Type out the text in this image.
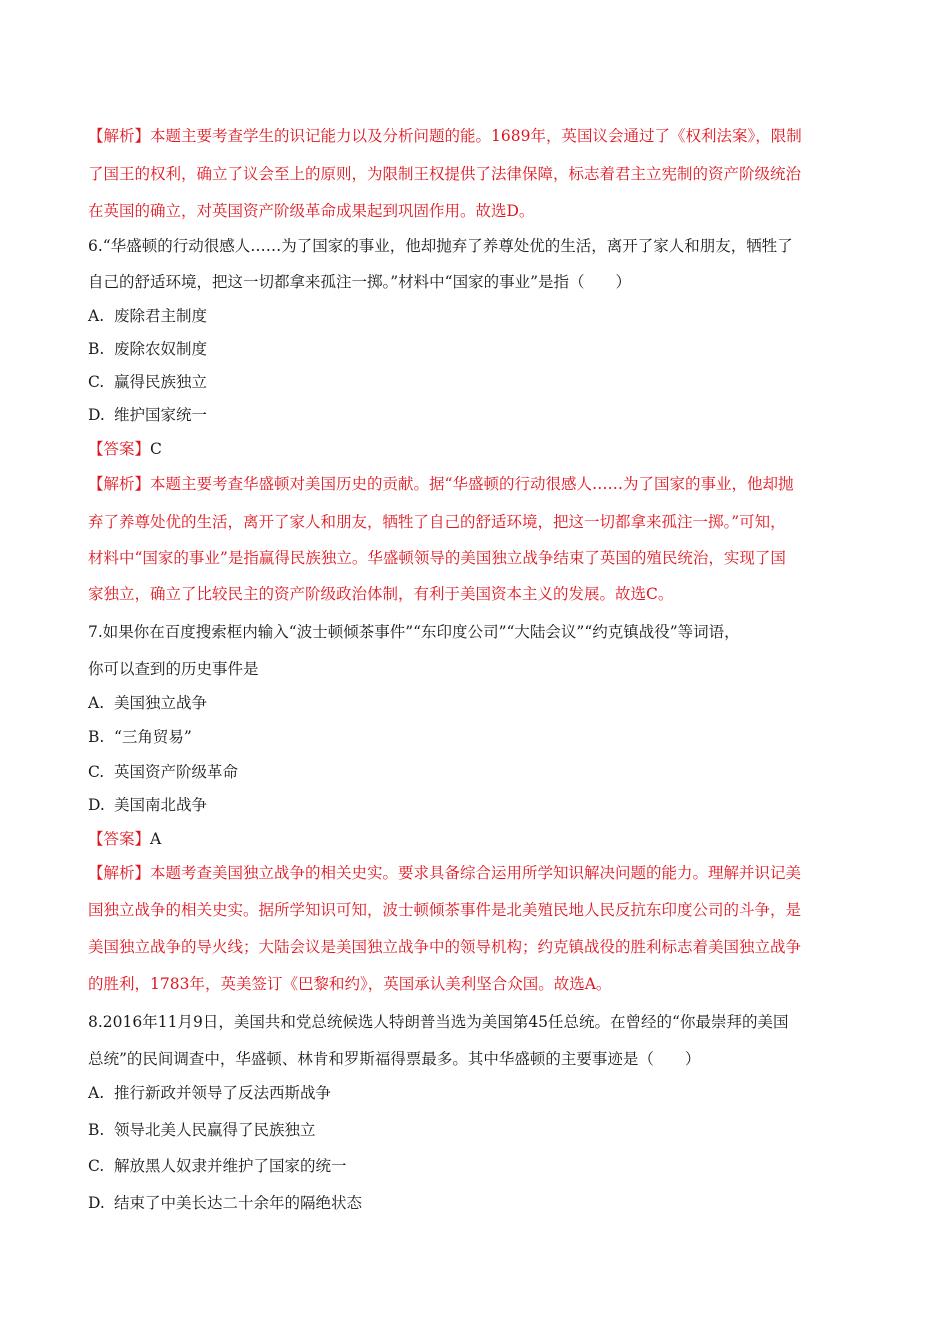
【解析】本题主要考查学生的识记能力以及分析问题的能。1689年，英国议会通过了《权利法案》，限制
了国王的权利，确立了议会至上的原则，为限制王权提供了法律保障，标志着君主立宪制的资产阶级统治
在英国的确立，对英国资产阶级革命成果起到巩固作用。故选D。
6.“华盛顿的行动很感人……为了国家的事业，他却抛弃了养尊处优的生活，离开了家人和朋友，牺牲了
自己的舒适环境，把这一切都拿来孤注一掷。”材料中“国家的事业”是指（　　）
A. 废除君主制度
B. 废除农奴制度
C. 赢得民族独立
D. 维护国家统一
【答案】C
【解析】本题主要考查华盛顿对美国历史的贡献。据“华盛顿的行动很感人……为了国家的事业，他却抛
弃了养尊处优的生活，离开了家人和朋友，牺牲了自己的舒适环境，把这一切都拿来孤注一掷。”可知，
材料中“国家的事业”是指赢得民族独立。华盛顿领导的美国独立战争结束了英国的殖民统治，实现了国
家独立，确立了比较民主的资产阶级政治体制，有利于美国资本主义的发展。故选C。
7.如果你在百度搜索框内输入“波士顿倾茶事件”“东印度公司”“大陆会议”“约克镇战役”等词语，
你可以查到的历史事件是
A. 美国独立战争
B. “三角贸易”
C. 英国资产阶级革命
D. 美国南北战争
【答案】A
【解析】本题考查美国独立战争的相关史实。要求具备综合运用所学知识解决问题的能力。理解并识记美
国独立战争的相关史实。据所学知识可知，波士顿倾茶事件是北美殖民地人民反抗东印度公司的斗争，是
美国独立战争的导火线；大陆会议是美国独立战争中的领导机构；约克镇战役的胜利标志着美国独立战争
的胜利，1783年，英美签订《巴黎和约》，英国承认美利坚合众国。故选A。
8.2016年11月9日，美国共和党总统候选人特朗普当选为美国第45任总统。在曾经的“你最崇拜的美国
总统”的民间调查中，华盛顿、林肯和罗斯福得票最多。其中华盛顿的主要事迹是（　　）
A. 推行新政并领导了反法西斯战争
B. 领导北美人民赢得了民族独立
C. 解放黑人奴隶并维护了国家的统一
D. 结束了中美长达二十余年的隔绝状态
